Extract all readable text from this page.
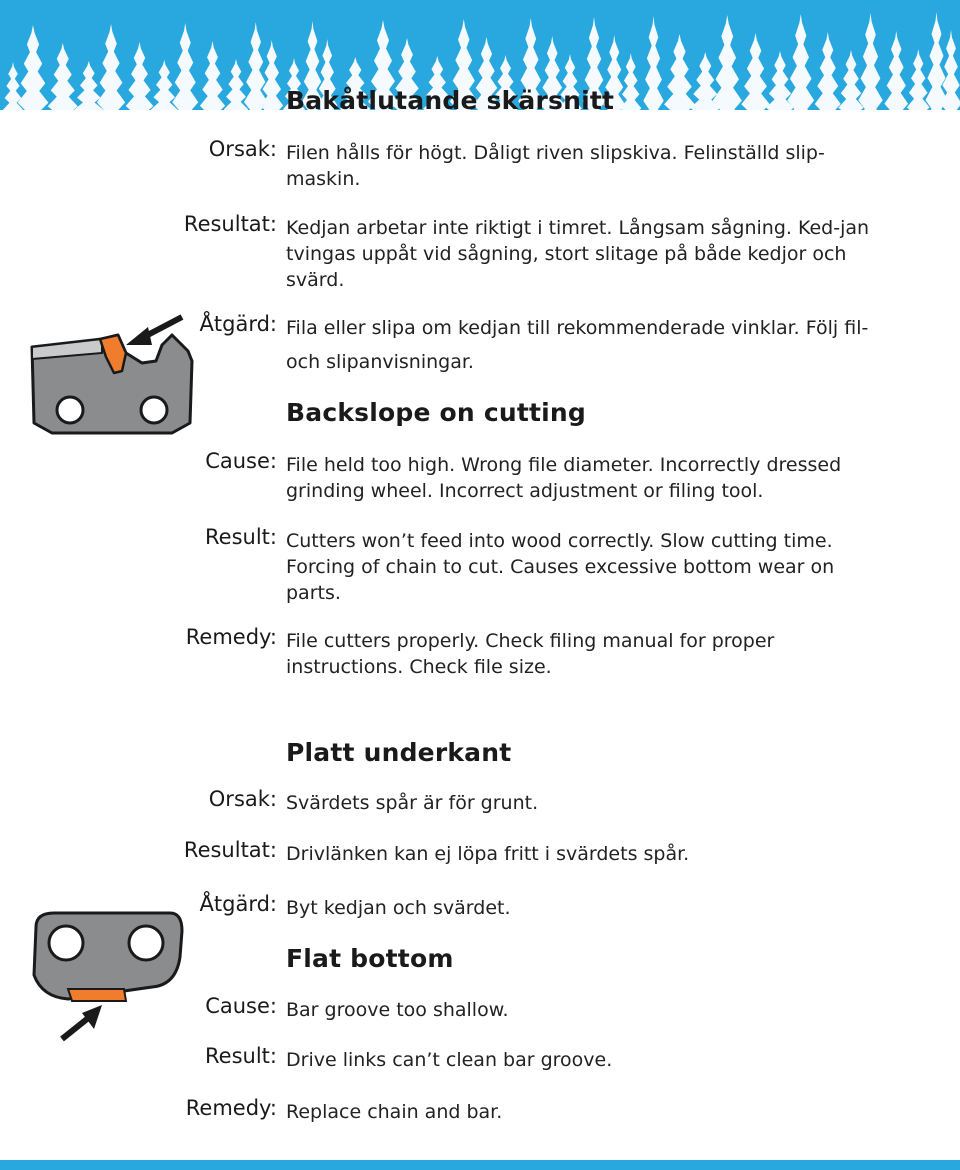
Bakåtlutande skärsnitt
Orsak: Filen hålls för högt. Dåligt riven slipskiva. Felinställd slip-maskin.
Resultat: Kedjan arbetar inte riktigt i timret. Långsam sågning. Ked-jan tvingas uppåt vid sågning, stort slitage på både kedjor och svärd.
Åtgärd: Fila eller slipa om kedjan till rekommenderade vinklar. Följ fil- och slipanvisningar.
Backslope on cutting
Cause: File held too high. Wrong file diameter. Incorrectly dressed grinding wheel. Incorrect adjustment or filing tool.
Result: Cutters won’t feed into wood correctly. Slow cutting time. Forcing of chain to cut. Causes excessive bottom wear on parts.
Remedy: File cutters properly. Check filing manual for proper instructions. Check file size.
Platt underkant
Orsak: Svärdets spår är för grunt.
Resultat: Drivlänken kan ej löpa fritt i svärdets spår.
Åtgärd: Byt kedjan och svärdet.
Flat bottom
Cause: Bar groove too shallow.
Result: Drive links can’t clean bar groove.
Remedy: Replace chain and bar.
